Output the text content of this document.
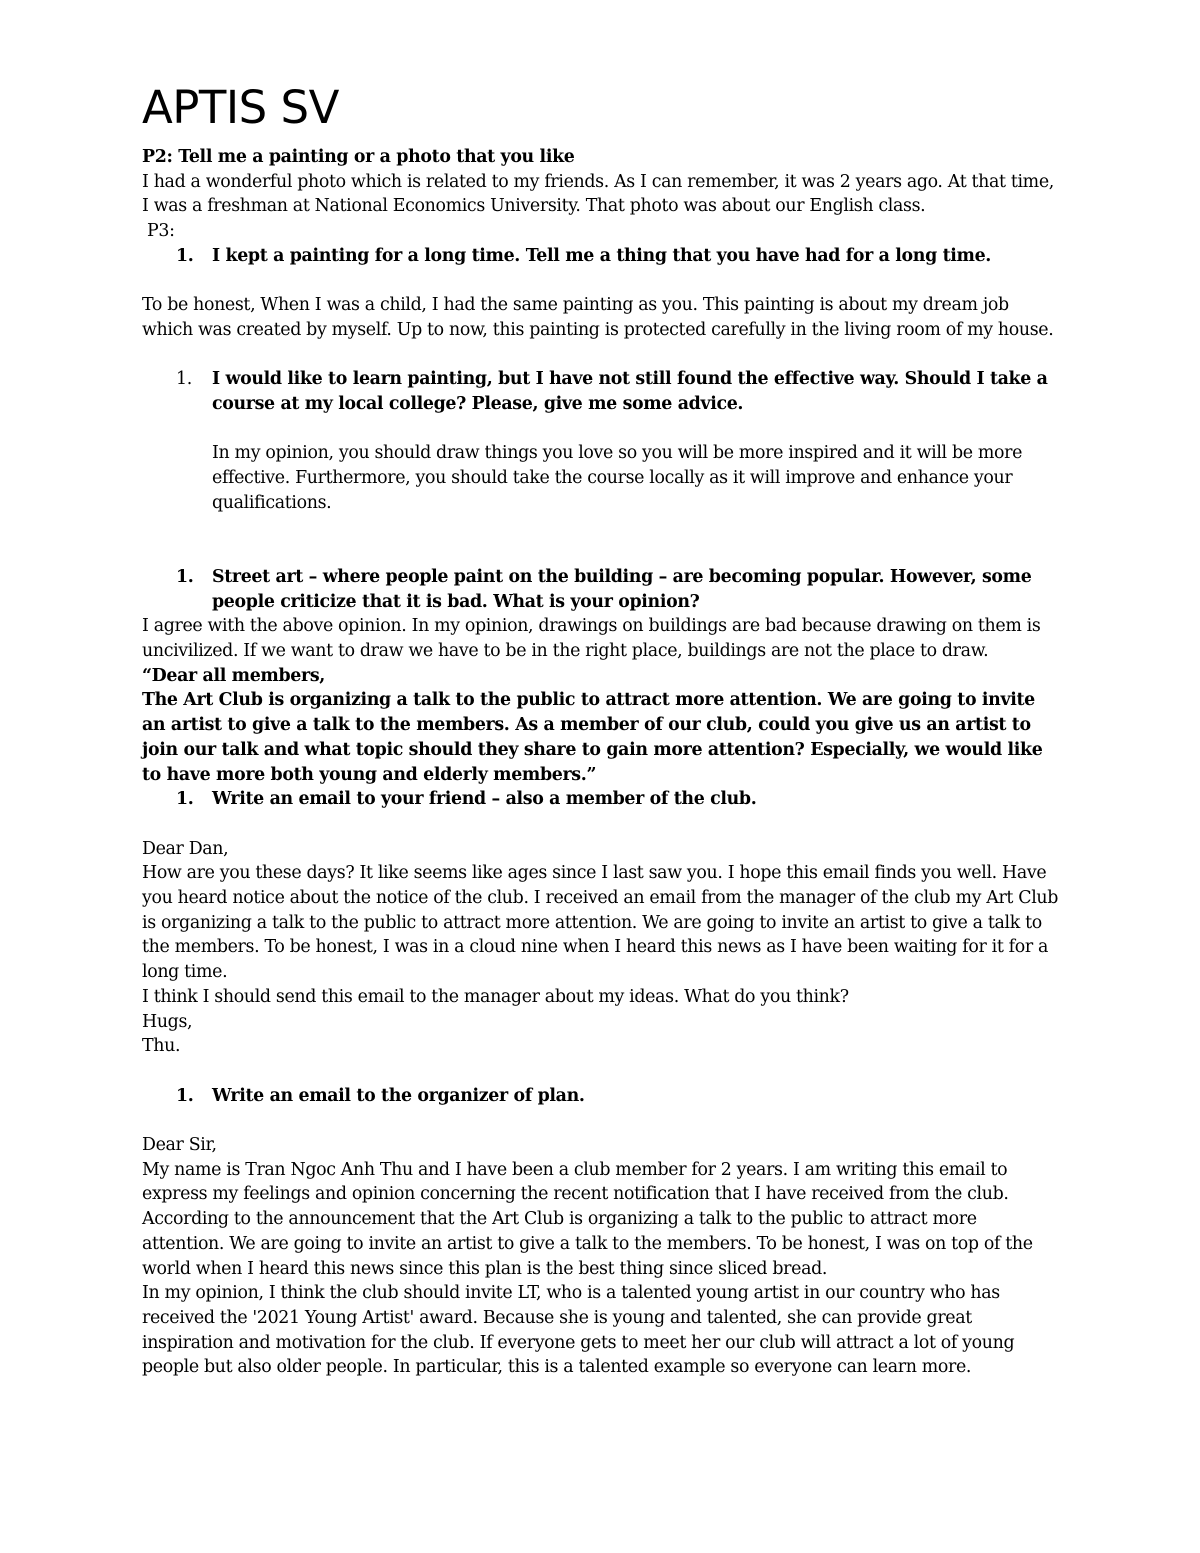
APTIS SV

P2: Tell me a painting or a photo that you like

I had a wonderful photo which is related to my friends. As I can remember, it was 2 years ago. At that time, I was a freshman at National Economics University. That photo was about our English class.

P3:

1.	I kept a painting for a long time. Tell me a thing that you have had for a long time.

To be honest, When I was a child, I had the same painting as you. This painting is about my dream job which was created by myself. Up to now, this painting is protected carefully in the living room of my house.

1.	I would like to learn painting, but I have not still found the effective way. Should I take a course at my local college? Please, give me some advice.

In my opinion, you should draw things you love so you will be more inspired and it will be more effective. Furthermore, you should take the course locally as it will improve and enhance your qualifications.

1.	Street art – where people paint on the building – are becoming popular. However, some people criticize that it is bad. What is your opinion?

I agree with the above opinion. In my opinion, drawings on buildings are bad because drawing on them is uncivilized. If we want to draw we have to be in the right place, buildings are not the place to draw.

“Dear all members,

The Art Club is organizing a talk to the public to attract more attention. We are going to invite an artist to give a talk to the members. As a member of our club, could you give us an artist to join our talk and what topic should they share to gain more attention? Especially, we would like to have more both young and elderly members.”

1.	Write an email to your friend – also a member of the club.

Dear Dan,

How are you these days? It like seems like ages since I last saw you. I hope this email finds you well. Have you heard notice about the notice of the club. I received an email from the manager of the club my Art Club is organizing a talk to the public to attract more attention. We are going to invite an artist to give a talk to the members. To be honest, I was in a cloud nine when I heard this news as I have been waiting for it for a long time.

I think I should send this email to the manager about my ideas. What do you think?

Hugs,

Thu.

1.	Write an email to the organizer of plan.

Dear Sir,

My name is Tran Ngoc Anh Thu and I have been a club member for 2 years. I am writing this email to express my feelings and opinion concerning the recent notification that I have received from the club. According to the announcement that the Art Club is organizing a talk to the public to attract more attention. We are going to invite an artist to give a talk to the members. To be honest, I was on top of the world when I heard this news since this plan is the best thing since sliced bread.

In my opinion, I think the club should invite LT, who is a talented young artist in our country who has received the '2021 Young Artist' award. Because she is young and talented, she can provide great inspiration and motivation for the club. If everyone gets to meet her our club will attract a lot of young people but also older people. In particular, this is a talented example so everyone can learn more.
